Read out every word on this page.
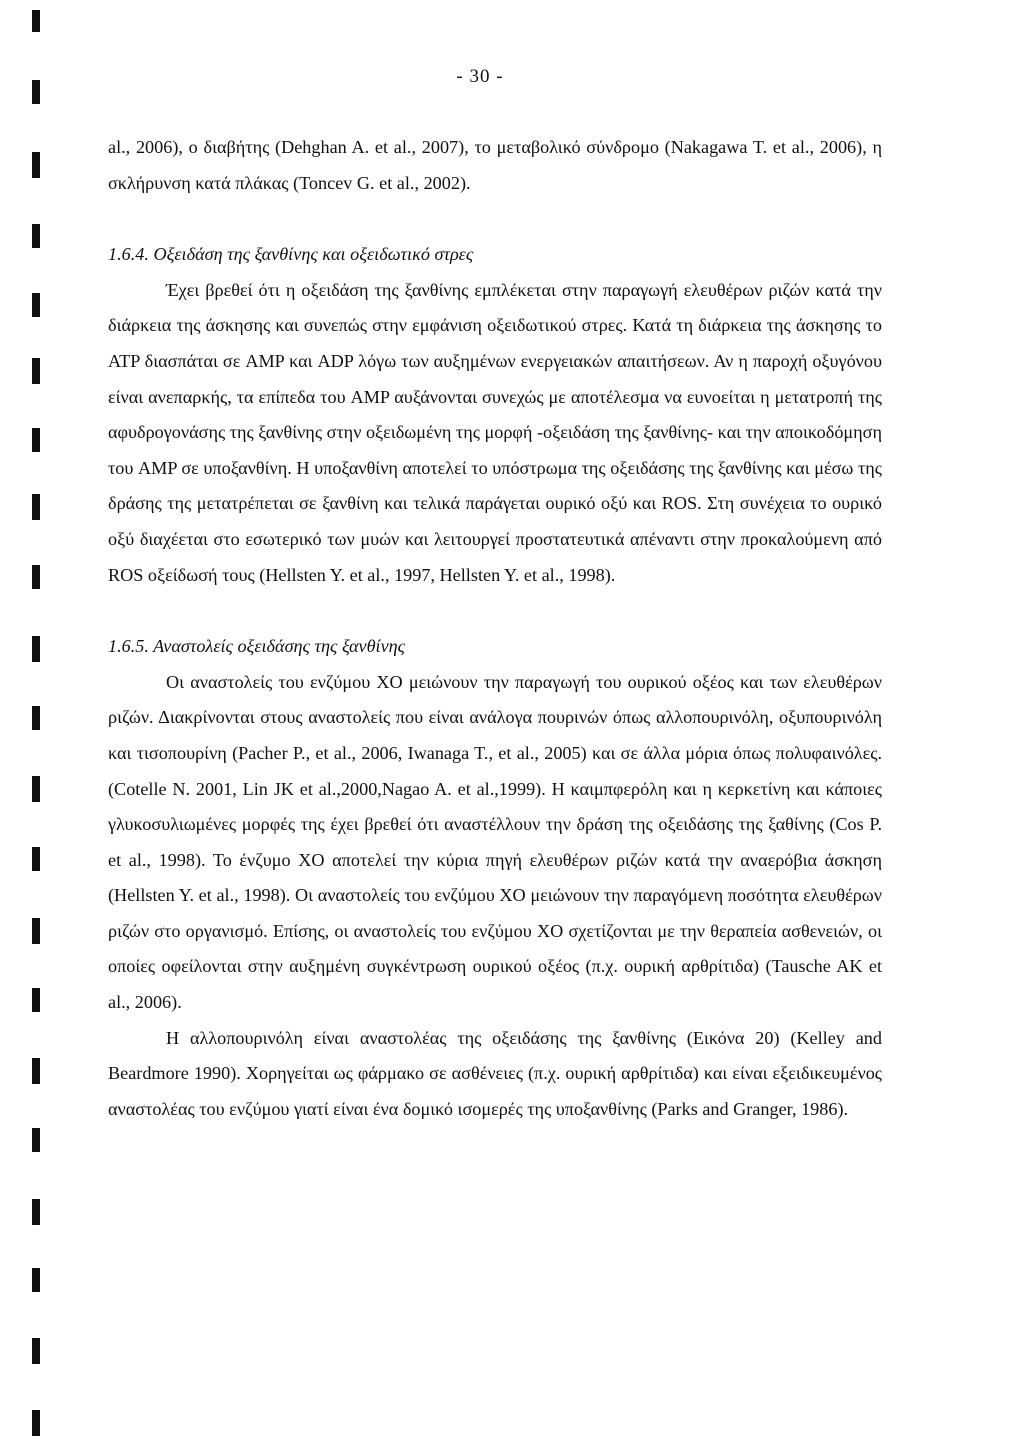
- 30 -

al., 2006), ο διαβήτης (Dehghan A. et al., 2007), το μεταβολικό σύνδρομο (Nakagawa T. et al., 2006), η σκλήρυνση κατά πλάκας (Toncev G. et al., 2002).

1.6.4. Οξειδάση της ξανθίνης και οξειδωτικό στρες

Έχει βρεθεί ότι η οξειδάση της ξανθίνης εμπλέκεται στην παραγωγή ελευθέρων ριζών κατά την διάρκεια της άσκησης και συνεπώς στην εμφάνιση οξειδωτικού στρες. Κατά τη διάρκεια της άσκησης το ATP διασπάται σε AMP και ADP λόγω των αυξημένων ενεργειακών απαιτήσεων. Αν η παροχή οξυγόνου είναι ανεπαρκής, τα επίπεδα του AMP αυξάνονται συνεχώς με αποτέλεσμα να ευνοείται η μετατροπή της αφυδρογονάσης της ξανθίνης στην οξειδωμένη της μορφή -οξειδάση της ξανθίνης- και την αποικοδόμηση του AMP σε υποξανθίνη. Η υποξανθίνη αποτελεί το υπόστρωμα της οξειδάσης της ξανθίνης και μέσω της δράσης της μετατρέπεται σε ξανθίνη και τελικά παράγεται ουρικό οξύ και ROS. Στη συνέχεια το ουρικό οξύ διαχέεται στο εσωτερικό των μυών και λειτουργεί προστατευτικά απέναντι στην προκαλούμενη από ROS οξείδωσή τους (Hellsten Y. et al., 1997, Hellsten Y. et al., 1998).

1.6.5. Αναστολείς οξειδάσης της ξανθίνης

Οι αναστολείς του ενζύμου ΧΟ μειώνουν την παραγωγή του ουρικού οξέος και των ελευθέρων ριζών. Διακρίνονται στους αναστολείς που είναι ανάλογα πουρινών όπως αλλοπουρινόλη, οξυπουρινόλη και τισοπουρίνη (Pacher P., et al., 2006, Iwanaga T., et al., 2005) και σε άλλα μόρια όπως πολυφαινόλες. (Cotelle N. 2001, Lin JK et al.,2000,Nagao A. et al.,1999). Η καιμπφερόλη και η κερκετίνη και κάποιες γλυκοσυλιωμένες μορφές της έχει βρεθεί ότι αναστέλλουν την δράση της οξειδάσης της ξαθίνης (Cos P. et al., 1998). Το ένζυμο ΧΟ αποτελεί την κύρια πηγή ελευθέρων ριζών κατά την αναερόβια άσκηση (Hellsten Y. et al., 1998). Οι αναστολείς του ενζύμου ΧΟ μειώνουν την παραγόμενη ποσότητα ελευθέρων ριζών στο οργανισμό. Επίσης, οι αναστολείς του ενζύμου ΧΟ σχετίζονται με την θεραπεία ασθενειών, οι οποίες οφείλονται στην αυξημένη συγκέντρωση ουρικού οξέος (π.χ. ουρική αρθρίτιδα) (Tausche AK et al., 2006).

Η αλλοπουρινόλη είναι αναστολέας της οξειδάσης της ξανθίνης (Εικόνα 20) (Kelley and Beardmore 1990). Χορηγείται ως φάρμακο σε ασθένειες (π.χ. ουρική αρθρίτιδα) και είναι εξειδικευμένος αναστολέας του ενζύμου γιατί είναι ένα δομικό ισομερές της υποξανθίνης (Parks and Granger, 1986).
